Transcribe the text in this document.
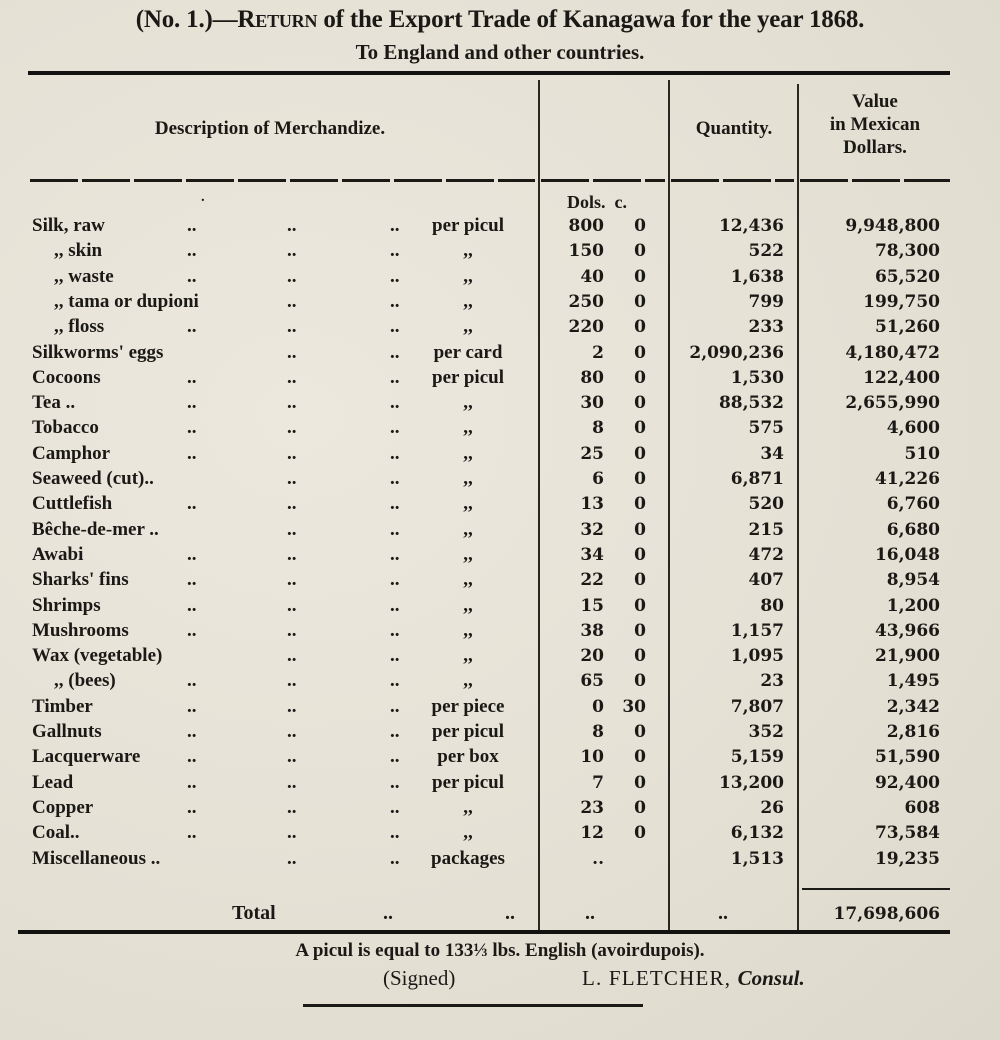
(No. 1.)—Return of the Export Trade of Kanagawa for the year 1868.
To England and other countries.
Description of Merchandize.	Quantity.
Value
in Mexican
Dollars.
·	Dols. c.
Silk, raw	..	..	..	per picul	800	0	12,436	9,948,800
,, skin	..	..	..	,,	150	0	522	78,300
,, waste	..	..	..	,,	40	0	1,638	65,520
,, tama or dupioni	..	..	,,	250	0	799	199,750
,, floss	..	..	..	,,	220	0	233	51,260
Silkworms' eggs	..	..	per card	2	0	2,090,236	4,180,472
Cocoons	..	..	..	per picul	80	0	1,530	122,400
Tea ..	..	..	..	,,	30	0	88,532	2,655,990
Tobacco	..	..	..	,,	8	0	575	4,600
Camphor	..	..	..	,,	25	0	34	510
Seaweed (cut)..	..	..	,,	6	0	6,871	41,226
Cuttlefish	..	..	..	,,	13	0	520	6,760
Bêche-de-mer ..	..	..	,,	32	0	215	6,680
Awabi	..	..	..	,,	34	0	472	16,048
Sharks' fins	..	..	..	,,	22	0	407	8,954
Shrimps	..	..	..	,,	15	0	80	1,200
Mushrooms	..	..	..	,,	38	0	1,157	43,966
Wax (vegetable)	..	..	,,	20	0	1,095	21,900
,, (bees)	..	..	..	,,	65	0	23	1,495
Timber	..	..	..	per piece	0	30	7,807	2,342
Gallnuts	..	..	..	per picul	8	0	352	2,816
Lacquerware ..	..	..	per box	10	0	5,159	51,590
Lead	..	..	..	per picul	7	0	13,200	92,400
Copper	..	..	..	,,	23	0	26	608
Coal..	..	..	..	,,	12	0	6,132	73,584
Miscellaneous ..	..	..	packages	..	1,513	19,235
Total	..	..	..	..	17,698,606
A picul is equal to 133⅓ lbs. English (avoirdupois).
(Signed)	L. FLETCHER, Consul.
